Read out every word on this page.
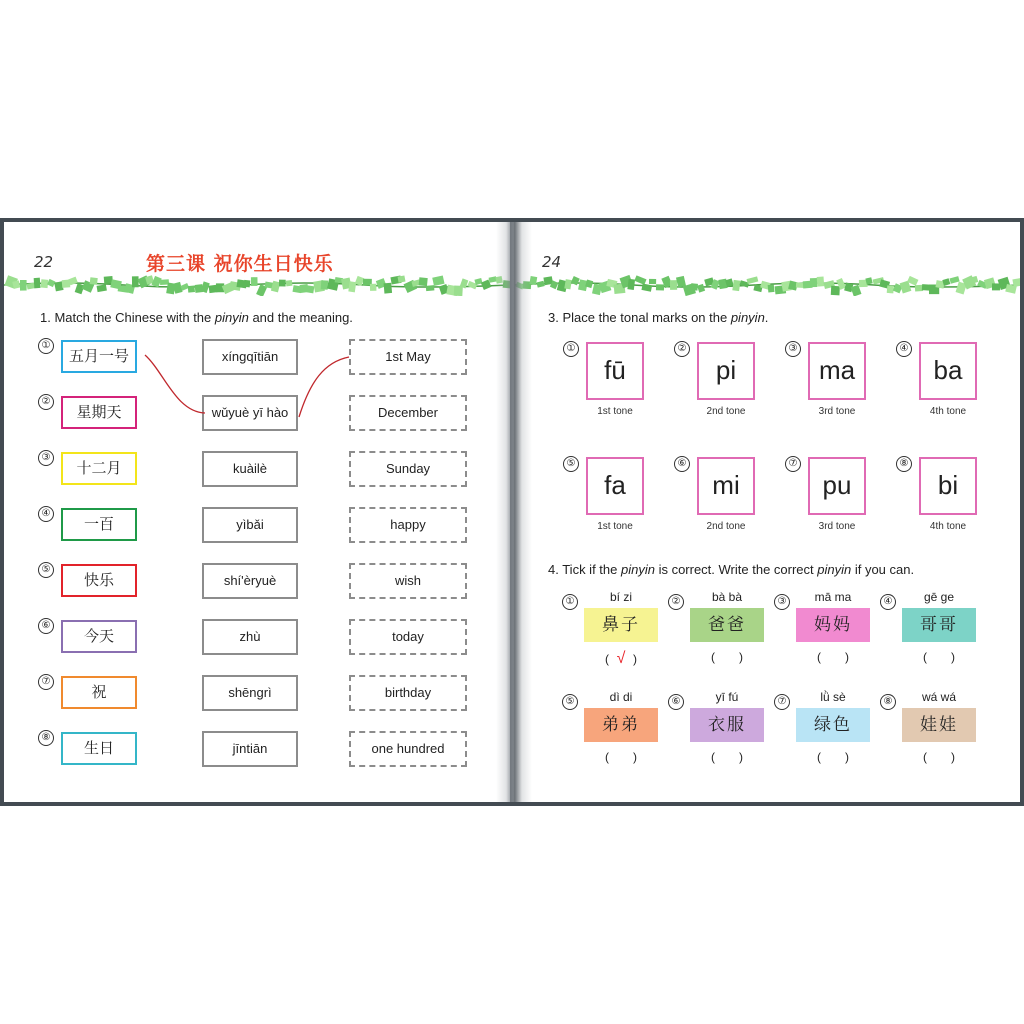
22	第三课 祝你生日快乐
1. Match the Chinese with the pinyin and the meaning.
①
五月一号	xíngqītiān	1st May
②
星期天	wǔyuè yī hào	December
③
十二月	kuàilè	Sunday
④
一百	yìbǎi	happy
⑤
快乐	shí'èryuè	wish
⑥
今天	zhù	today
⑦
祝	shēngrì	birthday
⑧
生日	jīntiān	one hundred
24
3. Place the tonal marks on the pinyin.
①
fū
1st tone
②
pi
2nd tone
③
ma
3rd tone
④
ba
4th tone
⑤
fa
1st tone
⑥
mi
2nd tone
⑦
pu
3rd tone
⑧
bi
4th tone
4. Tick if the pinyin is correct. Write the correct pinyin if you can.
①	bí zi
鼻子
( √ )
②	bà bà
爸爸
( )
③	mā ma
妈妈
( )
④	gē ge
哥哥
( )
⑤	dì di
弟弟
( )
⑥	yī fú
衣服
( )
⑦	lǜ sè
绿色
( )
⑧	wá wá
娃娃
( )
